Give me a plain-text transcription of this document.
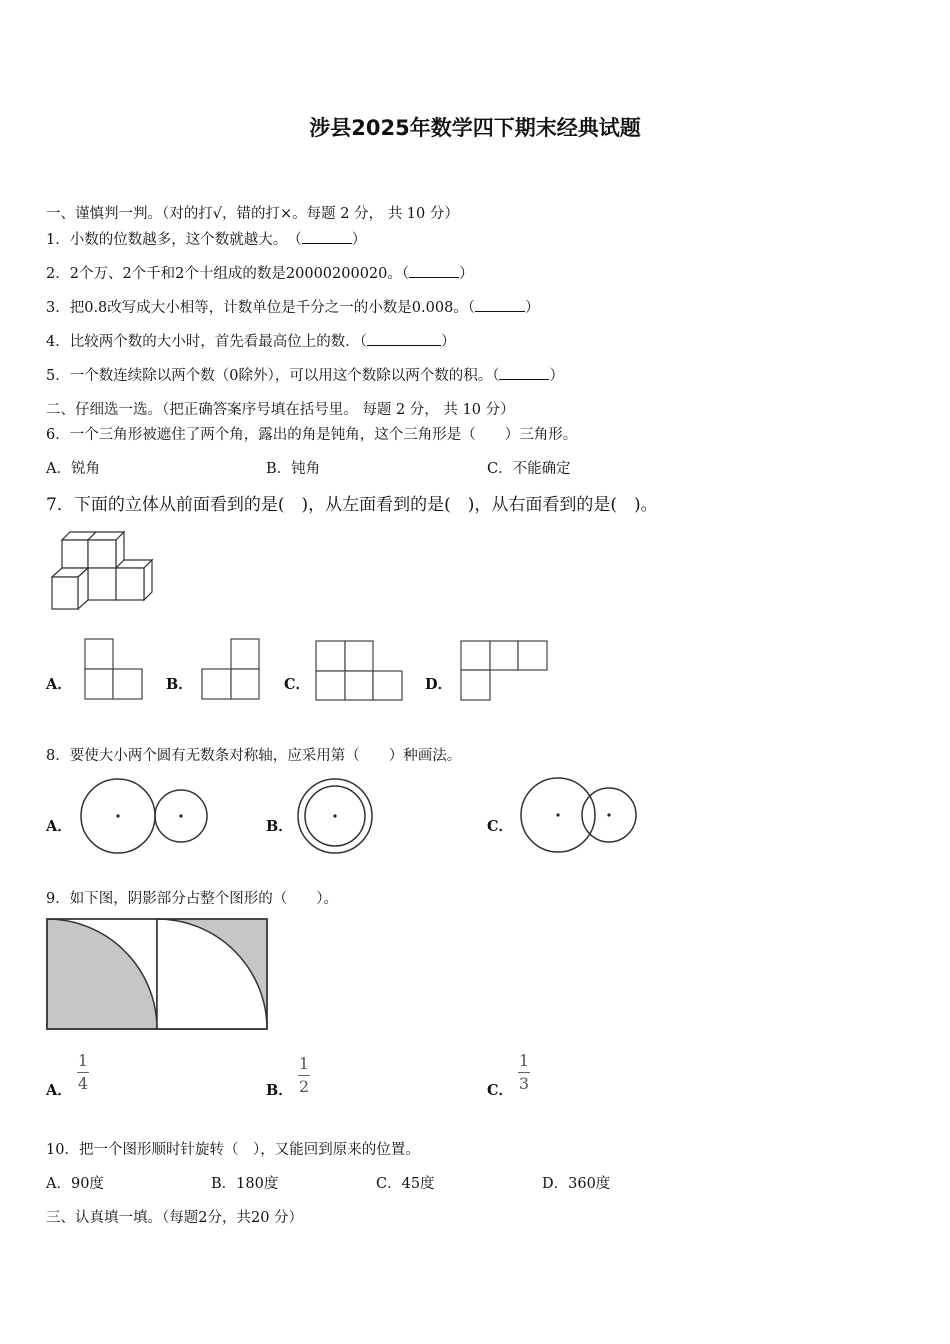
涉县2025年数学四下期末经典试题
一、谨慎判一判。（对的打√，错的打×。每题 2 分， 共 10 分）
1．小数的位数越多，这个数就越大。　（	）
2．2个万、2个千和2个十组成的数是20000200020。（	）
3．把0.8改写成大小相等，计数单位是千分之一的小数是0.008。（	）
4．比较两个数的大小时，首先看最高位上的数．（	）
5．一个数连续除以两个数（0除外），可以用这个数除以两个数的积。（	）
二、仔细选一选。（把正确答案序号填在括号里。 每题 2 分， 共 10 分）
6．一个三角形被遮住了两个角，露出的角是钝角，这个三角形是（　　）三角形。
A．锐角	B．钝角	C．不能确定
7．下面的立体从前面看到的是(　)，从左面看到的是(　)，从右面看到的是(　)。
A．	B．	C．	D．
8．要使大小两个圆有无数条对称轴，应采用第（　　）种画法。
A．	B．	C．
9．如下图，阴影部分占整个图形的（　　）。
A．
1
4	B．
1
2	C．
1
3
10．把一个图形顺时针旋转（　），又能回到原来的位置。
A．90度	B．180度	C．45度	D．360度
三、认真填一填。（每题2分，共20 分）
